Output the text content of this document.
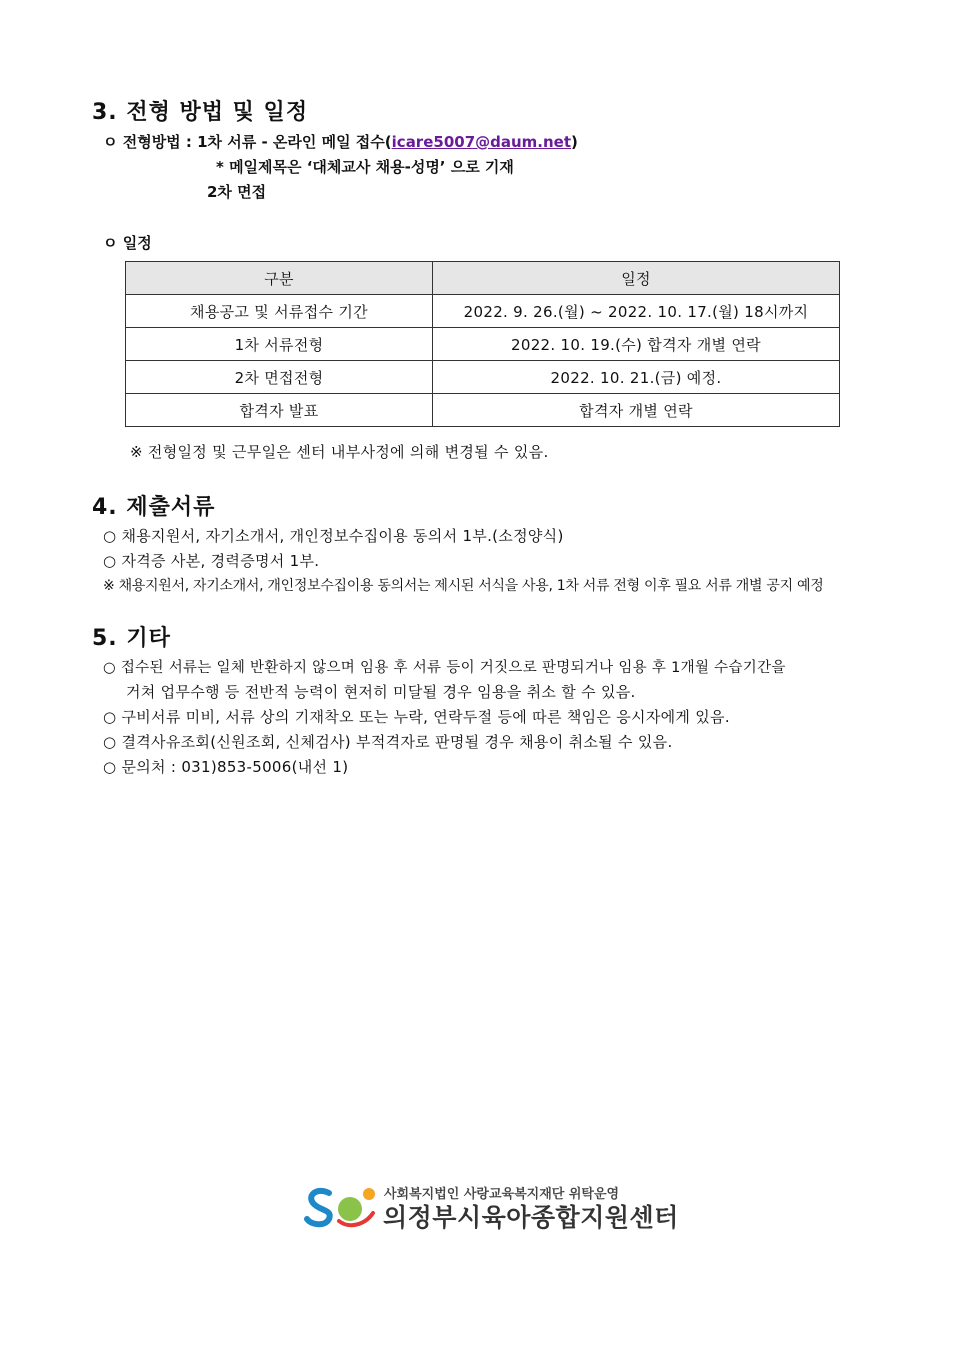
3. 전형 방법 및 일정
ㅇ 전형방법 : 1차 서류 - 온라인 메일 접수(icare5007@daum.net)
* 메일제목은 ‘대체교사 채용-성명’ 으로 기재
2차 면접
ㅇ 일정
구분	일정
채용공고 및 서류접수 기간	2022. 9. 26.(월) ~ 2022. 10. 17.(월) 18시까지
1차 서류전형	2022. 10. 19.(수) 합격자 개별 연락
2차 면접전형	2022. 10. 21.(금) 예정.
합격자 발표	합격자 개별 연락
※ 전형일정 및 근무일은 센터 내부사정에 의해 변경될 수 있음.
4. 제출서류
○ 채용지원서, 자기소개서, 개인정보수집이용 동의서 1부.(소정양식)
○ 자격증 사본, 경력증명서 1부.
※ 채용지원서, 자기소개서, 개인정보수집이용 동의서는 제시된 서식을 사용, 1차 서류 전형 이후 필요 서류 개별 공지 예정
5. 기타
○ 접수된 서류는 일체 반환하지 않으며 임용 후 서류 등이 거짓으로 판명되거나 임용 후 1개월 수습기간을
거쳐 업무수행 등 전반적 능력이 현저히 미달될 경우 임용을 취소 할 수 있음.
○ 구비서류 미비, 서류 상의 기재착오 또는 누락, 연락두절 등에 따른 책임은 응시자에게 있음.
○ 결격사유조회(신원조회, 신체검사) 부적격자로 판명될 경우 채용이 취소될 수 있음.
○ 문의처 : 031)853-5006(내선 1)
사회복지법인 사랑교육복지재단 위탁운영
의정부시육아종합지원센터
